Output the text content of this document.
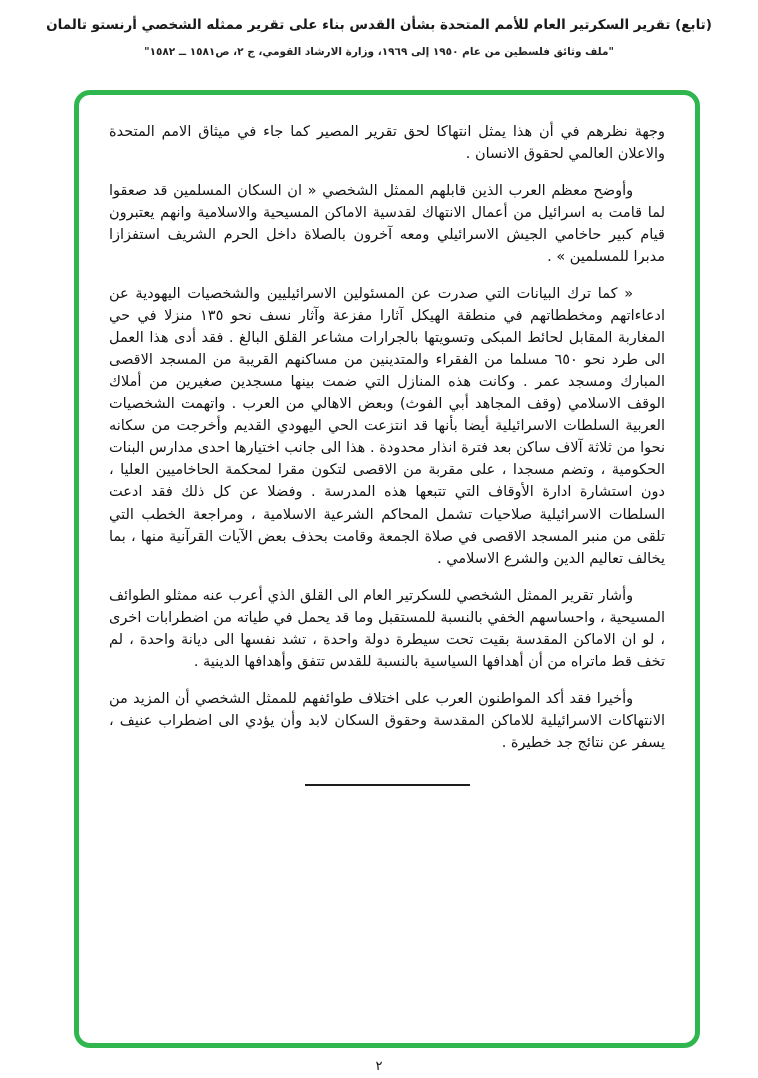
(تابع) تقرير السكرتير العام للأمم المتحدة بشأن القدس بناء على تقرير ممثله الشخصي أرنستو تالمان
"ملف وثائق فلسطين من عام ١٩٥٠ إلى ١٩٦٩، وزارة الارشاد القومي، ج ٢، ص١٥٨١ ــ ١٥٨٢"

وجهة نظرهم في أن هذا يمثل انتهاكا لحق تقرير المصير كما جاء في ميثاق الامم المتحدة والاعلان العالمي لحقوق الانسان .

وأوضح معظم العرب الذين قابلهم الممثل الشخصي « ان السكان المسلمين قد صعقوا لما قامت به اسرائيل من أعمال الانتهاك لقدسية الاماكن المسيحية والاسلامية وانهم يعتبرون قيام كبير حاخامي الجيش الاسرائيلي ومعه آخرون بالصلاة داخل الحرم الشريف استفزازا مدبرا للمسلمين » .

« كما ترك البيانات التي صدرت عن المسئولين الاسرائيليين والشخصيات اليهودية عن ادعاءاتهم ومخططاتهم في منطقة الهيكل آثارا مفزعة وآثار نسف نحو ١٣٥ منزلا في حي المغاربة المقابل لحائط المبكى وتسويتها بالجرارات مشاعر القلق البالغ . فقد أدى هذا العمل الى طرد نحو ٦٥٠ مسلما من الفقراء والمتدينين من مساكنهم القريبة من المسجد الاقصى المبارك ومسجد عمر . وكانت هذه المنازل التي ضمت بينها مسجدين صغيرين من أملاك الوقف الاسلامي (وقف المجاهد أبي الفوث) وبعض الاهالي من العرب . واتهمت الشخصيات العربية السلطات الاسرائيلية أيضا بأنها قد انتزعت الحي اليهودي القديم وأخرجت من سكانه نحوا من ثلاثة آلاف ساكن بعد فترة انذار محدودة . هذا الى جانب اختيارها احدى مدارس البنات الحكومية ، وتضم مسجدا ، على مقربة من الاقصى لتكون مقرا لمحكمة الحاخاميين العليا ، دون استشارة ادارة الأوقاف التي تتبعها هذه المدرسة . وفضلا عن كل ذلك فقد ادعت السلطات الاسرائيلية صلاحيات تشمل المحاكم الشرعية الاسلامية ، ومراجعة الخطب التي تلقى من منبر المسجد الاقصى في صلاة الجمعة وقامت بحذف بعض الآيات القرآنية منها ، بما يخالف تعاليم الدين والشرع الاسلامي .

وأشار تقرير الممثل الشخصي للسكرتير العام الى القلق الذي أعرب عنه ممثلو الطوائف المسيحية ، واحساسهم الخفي بالنسبة للمستقبل وما قد يحمل في طياته من اضطرابات اخرى ، لو ان الاماكن المقدسة بقيت تحت سيطرة دولة واحدة ، تشد نفسها الى ديانة واحدة ، لم تخف قط ماتراه من أن أهدافها السياسية بالنسبة للقدس تتفق وأهدافها الدينية .

وأخيرا فقد أكد المواطنون العرب على اختلاف طوائفهم للممثل الشخصي أن المزيد من الانتهاكات الاسرائيلية للاماكن المقدسة وحقوق السكان لابد وأن يؤدي الى اضطراب عنيف ، يسفر عن نتائج جد خطيرة .

٢
